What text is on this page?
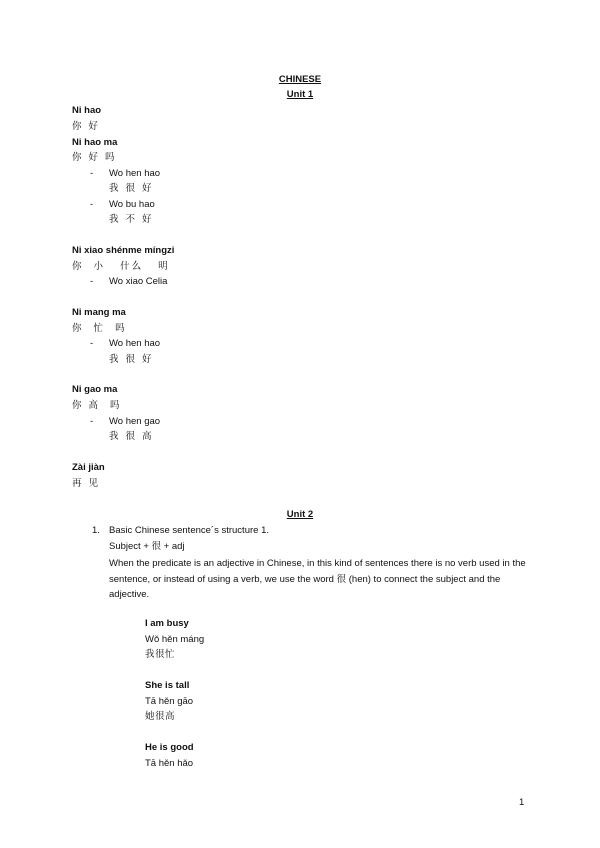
CHINESE
Unit 1
Ni hao
你 好
Ni hao ma
你 好 吗
- Wo hen hao
我 很 好
- Wo bu hao
我 不 好
Ni xiao shénme míngzi
你  小   什么   明
- Wo xiao Celia
Ni mang ma
你  忙  吗
- Wo hen hao
我 很 好
Ni gao ma
你 高  吗
- Wo hen gao
我 很 高
Zài jiàn
再 见
Unit 2
1. Basic Chinese sentence´s structure 1.
Subject + 很 + adj
When the predicate is an adjective in Chinese, in this kind of sentences there is no verb used in the sentence, or instead of using a verb, we use the word 很 (hen) to connect the subject and the adjective.
I am busy
Wǒ hěn máng
我很忙
She is tall
Tā hěn gāo
她很高
He is good
Tā hěn hǎo
1
